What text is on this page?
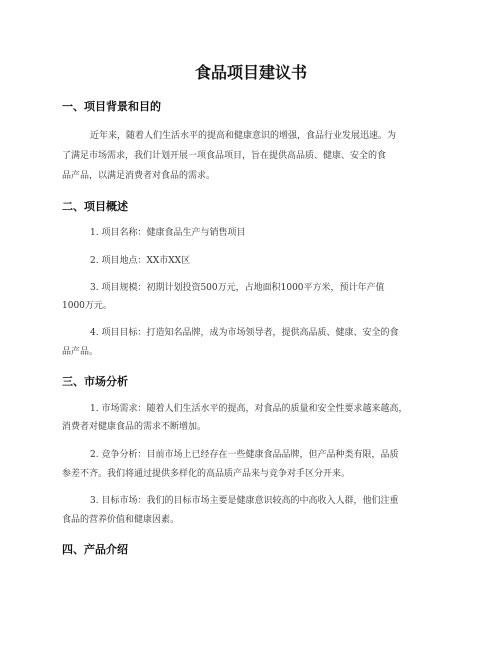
食品项目建议书
一、项目背景和目的
近年来，随着人们生活水平的提高和健康意识的增强，食品行业发展迅速。为
了满足市场需求，我们计划开展一项食品项目，旨在提供高品质、健康、安全的食
品产品，以满足消费者对食品的需求。
二、项目概述
1. 项目名称：健康食品生产与销售项目
2. 项目地点：XX市XX区
3. 项目规模：初期计划投资500万元，占地面积1000平方米，预计年产值
1000万元。
4. 项目目标：打造知名品牌，成为市场领导者，提供高品质、健康、安全的食
品产品。
三、市场分析
1. 市场需求：随着人们生活水平的提高，对食品的质量和安全性要求越来越高，
消费者对健康食品的需求不断增加。
2. 竞争分析：目前市场上已经存在一些健康食品品牌，但产品种类有限，品质
参差不齐。我们将通过提供多样化的高品质产品来与竞争对手区分开来。
3. 目标市场：我们的目标市场主要是健康意识较高的中高收入人群，他们注重
食品的营养价值和健康因素。
四、产品介绍
